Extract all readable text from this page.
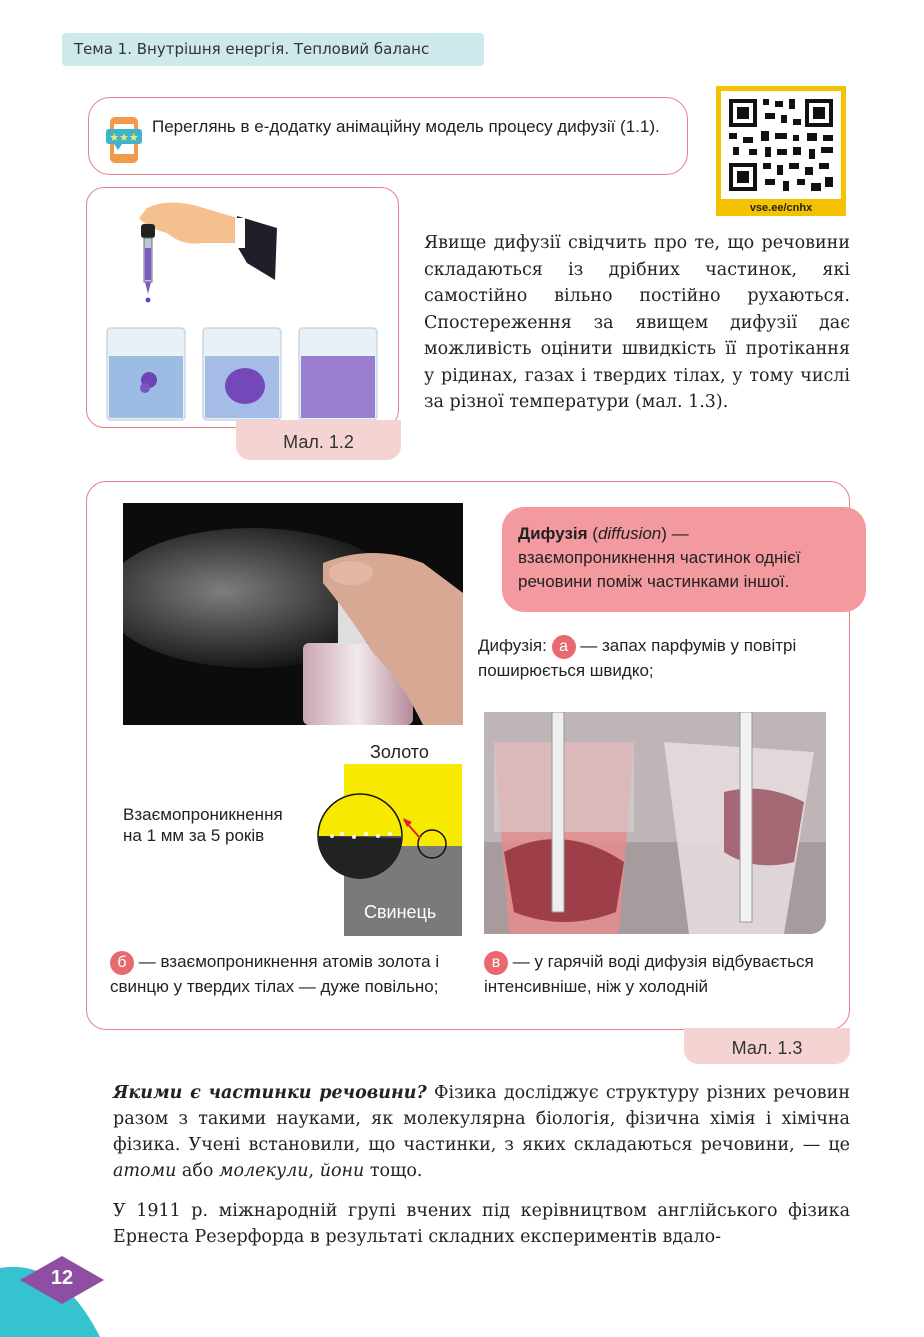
Тема 1. Внутрішня енергія. Тепловий баланс
★★★
Переглянь в е-додатку анімаційну модель процесу дифузії (1.1).
vse.ee/cnhx
Мал. 1.2
Явище дифузії свідчить про те, що речовини складаються із дрібних частинок, які самостійно вільно постійно рухаються. Спостереження за явищем дифузії дає можливість оцінити швидкість її протікання у рідинах, газах і твердих тілах, у тому числі за різної температури (мал. 1.3).
Мал. 1.3
Дифузія (diffusion) — взаємопроникнення частинок однієї речовини поміж частинками іншої.
Дифузія: а — запах парфумів у повітрі поширюється швидко;
Золото
Свинець
Взаємопроникнення
на 1 мм за 5 років
б — взаємопроникнення атомів золота і свинцю у твердих тілах — дуже повільно;
в — у гарячій воді дифузія відбувається інтенсивніше, ніж у холодній
Якими є частинки речовини? Фізика досліджує структуру різних речовин разом з такими науками, як молекулярна біологія, фізична хімія і хімічна фізика. Учені встановили, що частинки, з яких складаються речовини, — це атоми або молекули, йони тощо.
У 1911 р. міжнародній групі вчених під керівництвом англійського фізика Ернеста Резерфорда в результаті складних експериментів вдало-
12
